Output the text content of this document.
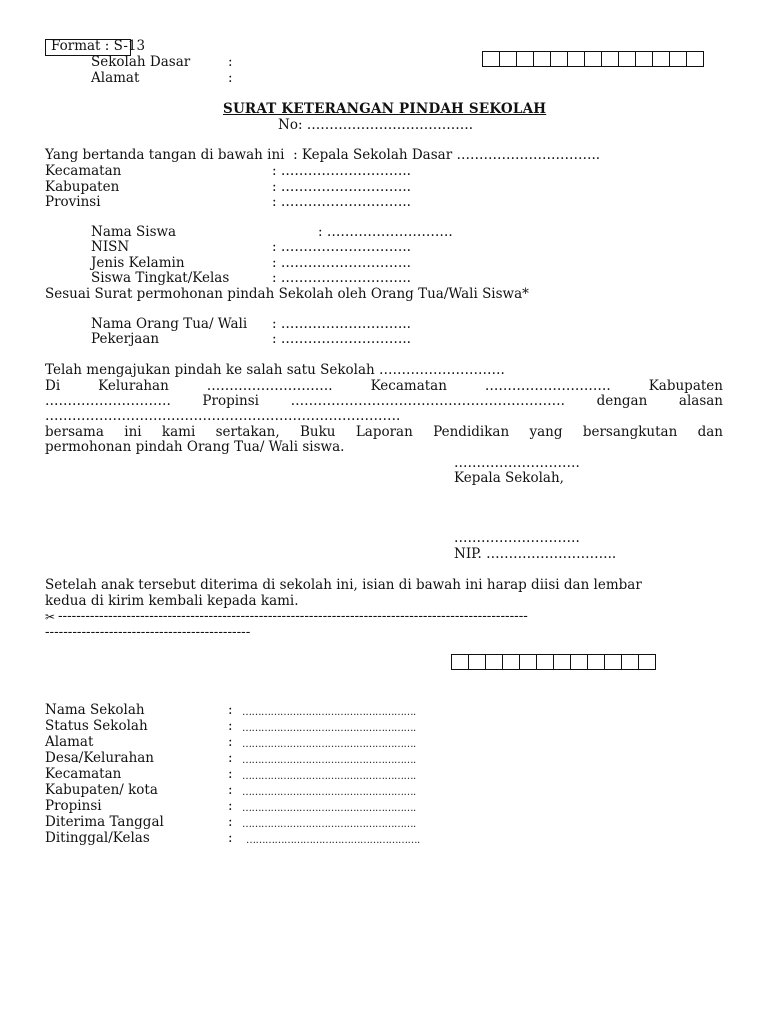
Format : S-13
Sekolah Dasar	:
Alamat	:
SURAT KETERANGAN PINDAH SEKOLAH
No: ……………………………….
Yang bertanda tangan di bawah ini  : Kepala Sekolah Dasar …………………………..
Kecamatan	: ………………………..
Kabupaten	: ………………………..
Provinsi	: ………………………..
Nama Siswa	: ……………………….
NISN	: ………………………..
Jenis Kelamin	: ………………………..
Siswa Tingkat/Kelas	: ………………………..
Sesuai Surat permohonan pindah Sekolah oleh Orang Tua/Wali Siswa*
Nama Orang Tua/ Wali : ………………………..
Pekerjaan	: ………………………..
Telah mengajukan pindah ke salah satu Sekolah ……………………….
Di Kelurahan ………………………. Kecamatan ………………………. Kabupaten
………………………. Propinsi ……………………………………………………. dengan alasan
…………………………………………………………………….
bersama ini kami sertakan, Buku Laporan Pendidikan yang bersangkutan dan
permohonan pindah Orang Tua/ Wali siswa.
……………………….
Kepala Sekolah,
……………………….
NIP. ………………………..
Setelah anak tersebut diterima di sekolah ini, isian di bawah ini harap diisi dan lembar
kedua di kirim kembali kepada kami.
✂ -------------------------------------------------------------------------------------------------------
---------------------------------------------
Nama Sekolah	: ……………………………………………….
Status Sekolah	: ……………………………………………….
Alamat	: ……………………………………………….
Desa/Kelurahan	: ……………………………………………….
Kecamatan	: ……………………………………………….
Kabupaten/ kota	: ……………………………………………….
Propinsi	: ……………………………………………….
Diterima Tanggal	: ……………………………………………….
Ditinggal/Kelas	: ……………………………………………….
